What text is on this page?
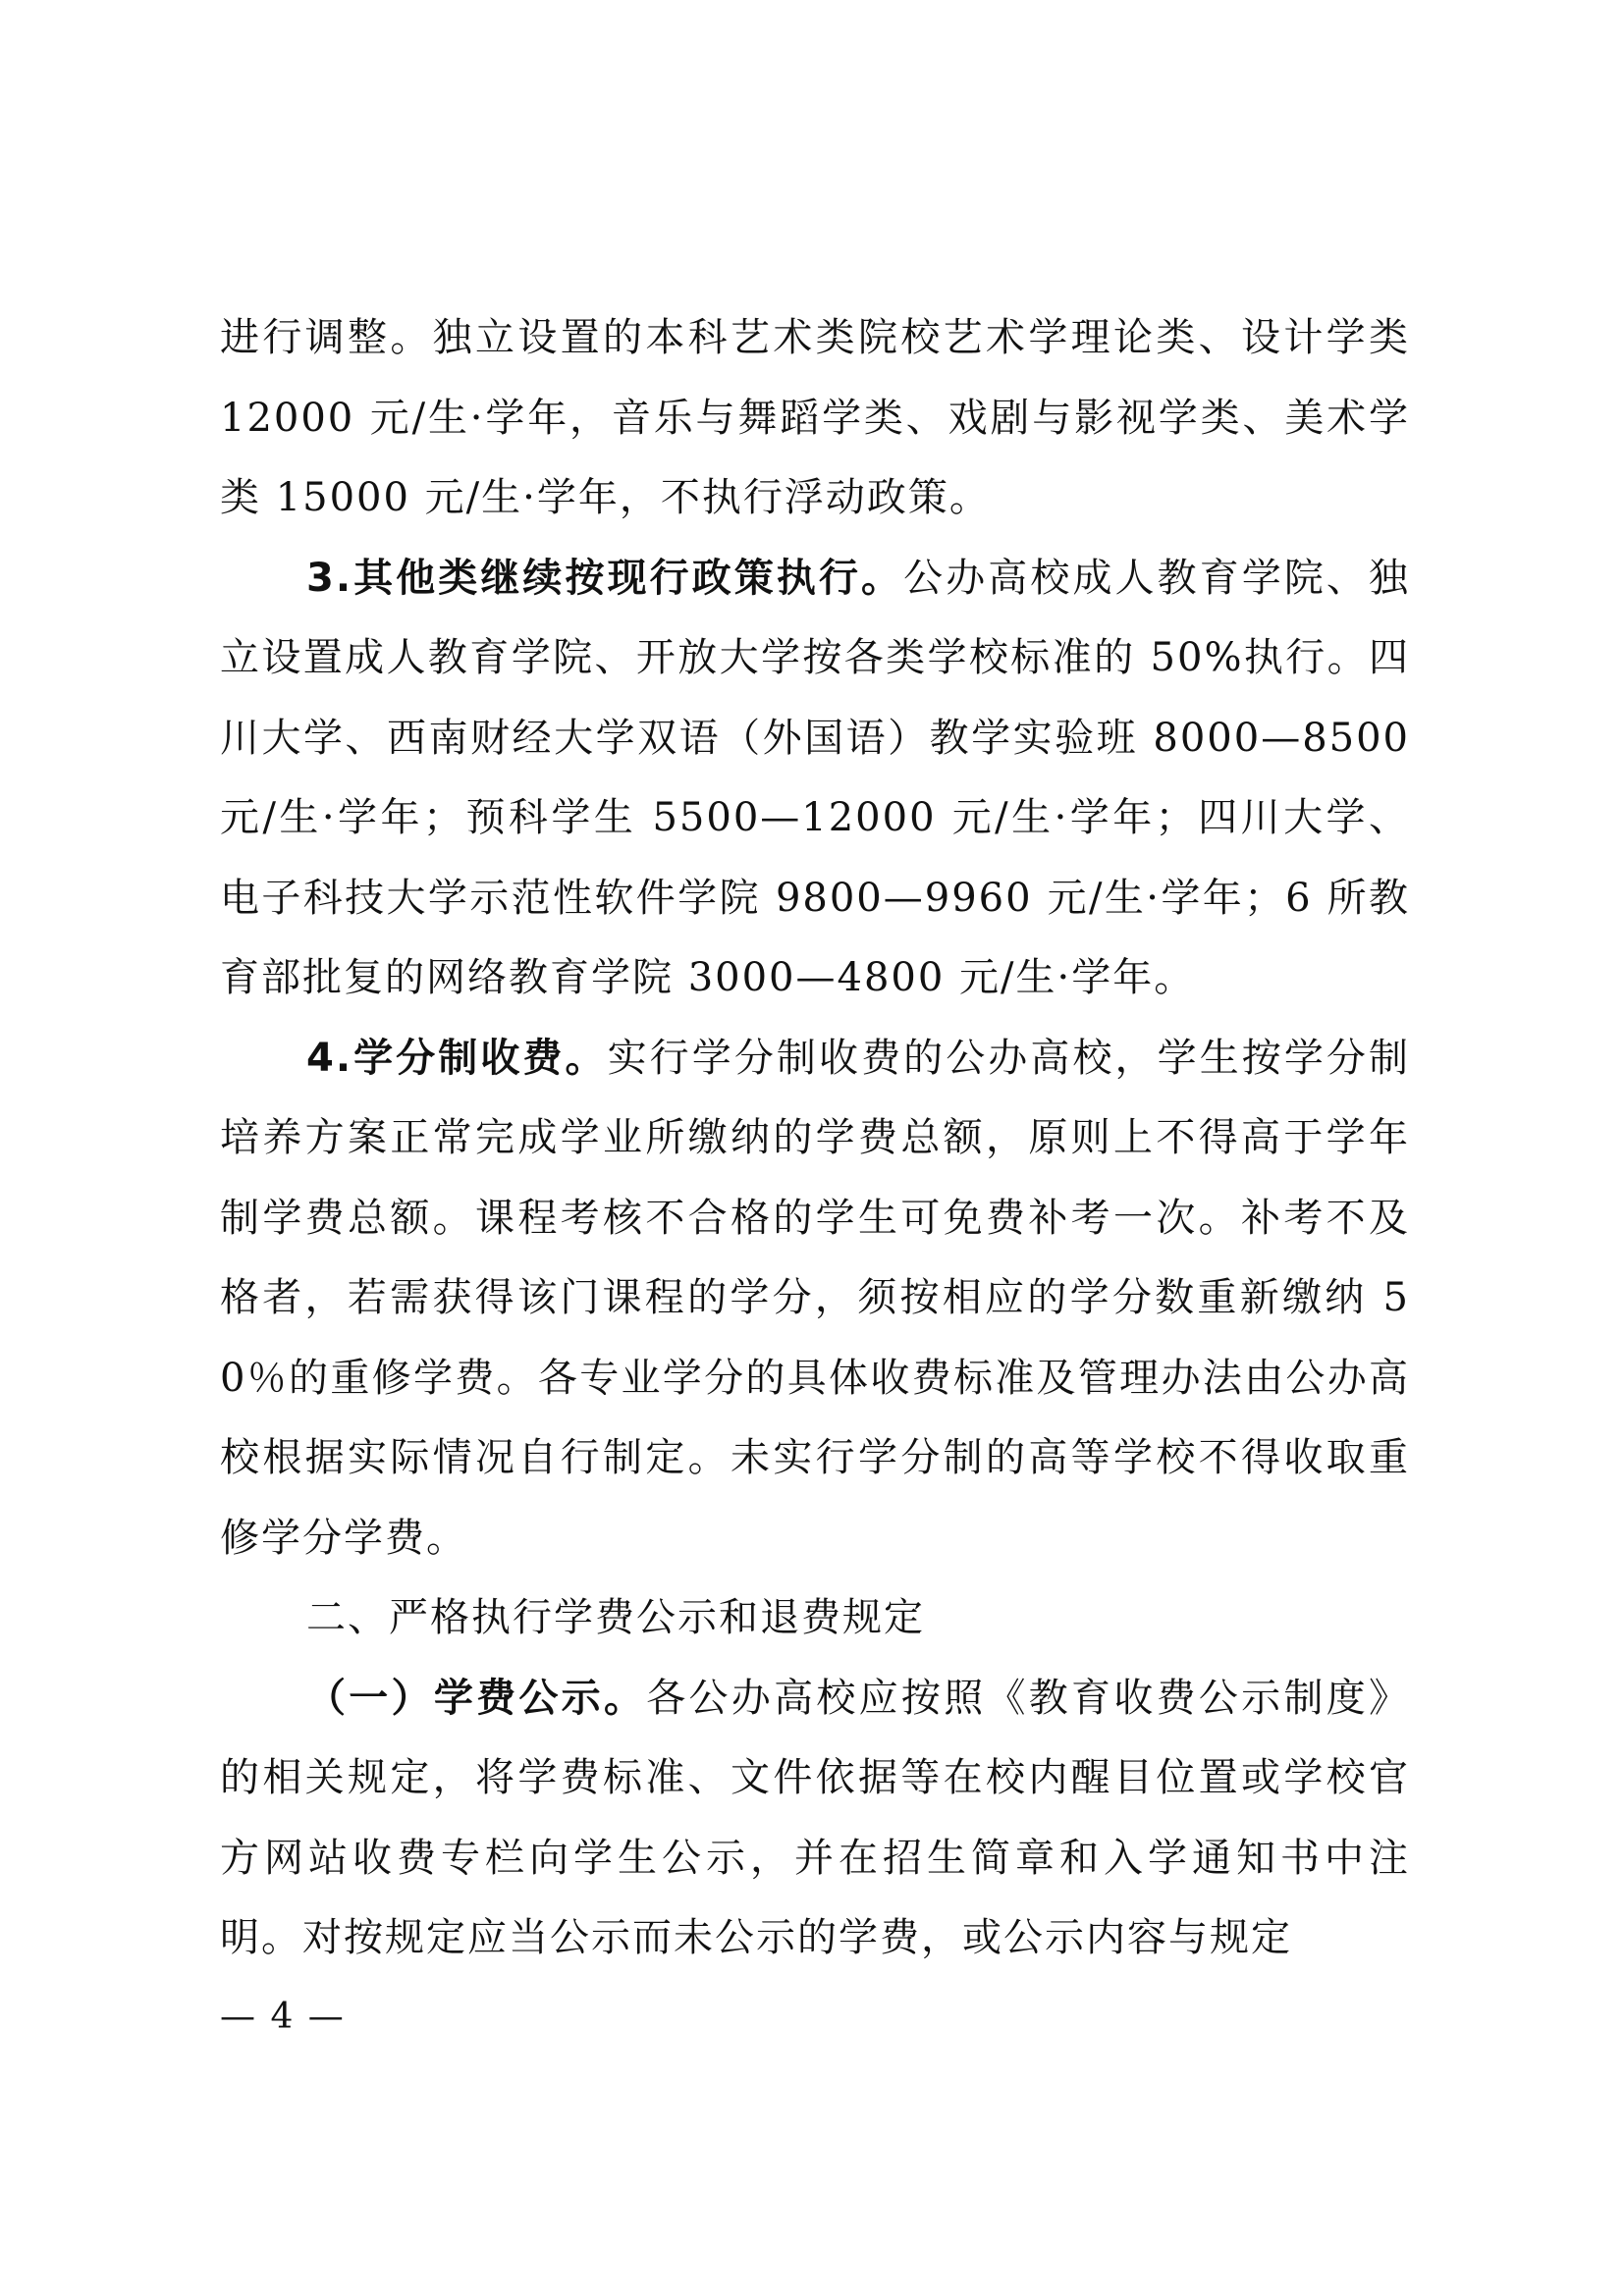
进行调整。独立设置的本科艺术类院校艺术学理论类、设计学类 12000 元/生·学年，音乐与舞蹈学类、戏剧与影视学类、美术学类 15000 元/生·学年，不执行浮动政策。

3.其他类继续按现行政策执行。公办高校成人教育学院、独立设置成人教育学院、开放大学按各类学校标准的 50%执行。四川大学、西南财经大学双语（外国语）教学实验班 8000—8500 元/生·学年；预科学生 5500—12000 元/生·学年；四川大学、电子科技大学示范性软件学院 9800—9960 元/生·学年；6 所教育部批复的网络教育学院 3000—4800 元/生·学年。

4.学分制收费。实行学分制收费的公办高校，学生按学分制培养方案正常完成学业所缴纳的学费总额，原则上不得高于学年制学费总额。课程考核不合格的学生可免费补考一次。补考不及格者，若需获得该门课程的学分，须按相应的学分数重新缴纳 50％的重修学费。各专业学分的具体收费标准及管理办法由公办高校根据实际情况自行制定。未实行学分制的高等学校不得收取重修学分学费。

二、严格执行学费公示和退费规定

（一）学费公示。各公办高校应按照《教育收费公示制度》的相关规定，将学费标准、文件依据等在校内醒目位置或学校官方网站收费专栏向学生公示，并在招生简章和入学通知书中注明。对按规定应当公示而未公示的学费，或公示内容与规定

— 4 —
